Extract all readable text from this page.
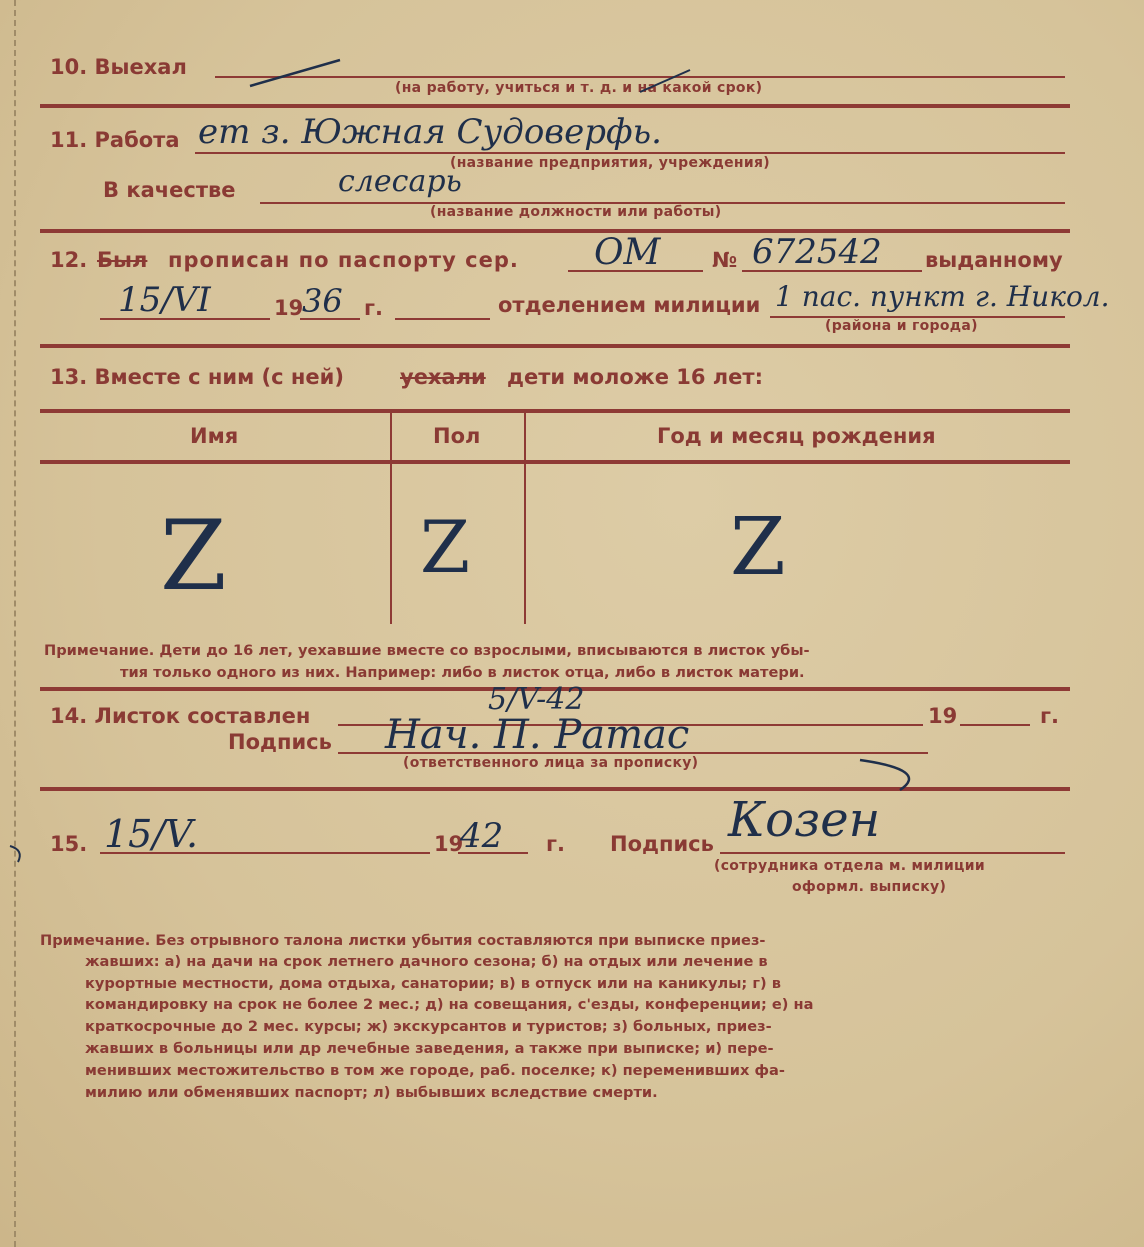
10. Выехал
(на работу, учиться и т. д. и на какой срок)
11. Работа ет з. Южная Судоверфь.
(название предприятия, учреждения)
В качестве	слесарь
(название должности или работы)
12. Был прописан по паспорту сер. ОМ № 672542 выданному
15/VI	19
36 г.	отделением милиции 1 пас. пункт г. Никол.
(района и города)
13. Вместе с ним (с ней)	уехали дети моложе 16 лет:
Имя	Пол	Год и месяц рождения
Z	Z	Z
Примечание. Дети до 16 лет, уехавшие вместе со взрослыми, вписываются в листок убы-
тия только одного из них. Например: либо в листок отца, либо в листок матери.
14. Листок составлен	5/V-42	19	г.
Подпись Нач. П. Ратас
(ответственного лица за прописку)
15. 15/V.	19
42 г. Подпись Козен
(сотрудника отдела м. милиции
оформл. выписку)
Примечание. Без отрывного талона листки убытия составляются при выписке приез-
жавших: а) на дачи на срок летнего дачного сезона; б) на отдых или лечение в
курортные местности, дома отдыха, санатории; в) в отпуск или на каникулы; г) в
командировку на срок не более 2 мес.; д) на совещания, с'езды, конференции; е) на
краткосрочные до 2 мес. курсы; ж) экскурсантов и туристов; з) больных, приез-
жавших в больницы или др лечебные заведения, а также при выписке; и) пере-
менивших местожительство в том же городе, раб. поселке; к) переменивших фа-
милию или обменявших паспорт; л) выбывших вследствие смерти.
